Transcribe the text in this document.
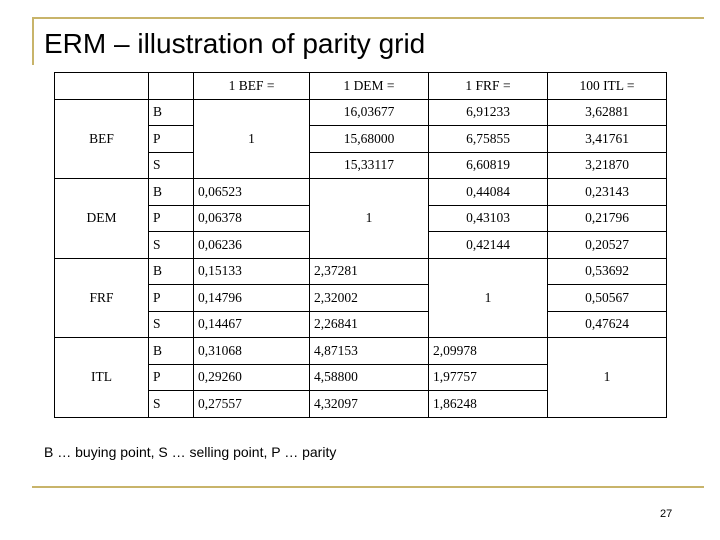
ERM – illustration of parity grid
		1 BEF =	1 DEM =	1 FRF =	100 ITL =
BEF	B	1	16,03677	6,91233	3,62881
	P		15,68000	6,75855	3,41761
	S		15,33117	6,60819	3,21870
DEM	B	0,06523	1	0,44084	0,23143
	P	0,06378		0,43103	0,21796
	S	0,06236		0,42144	0,20527
FRF	B	0,15133	2,37281	1	0,53692
	P	0,14796	2,32002		0,50567
	S	0,14467	2,26841		0,47624
ITL	B	0,31068	4,87153	2,09978	1
	P	0,29260	4,58800	1,97757	
	S	0,27557	4,32097	1,86248	
B … buying point, S … selling point, P … parity
27
